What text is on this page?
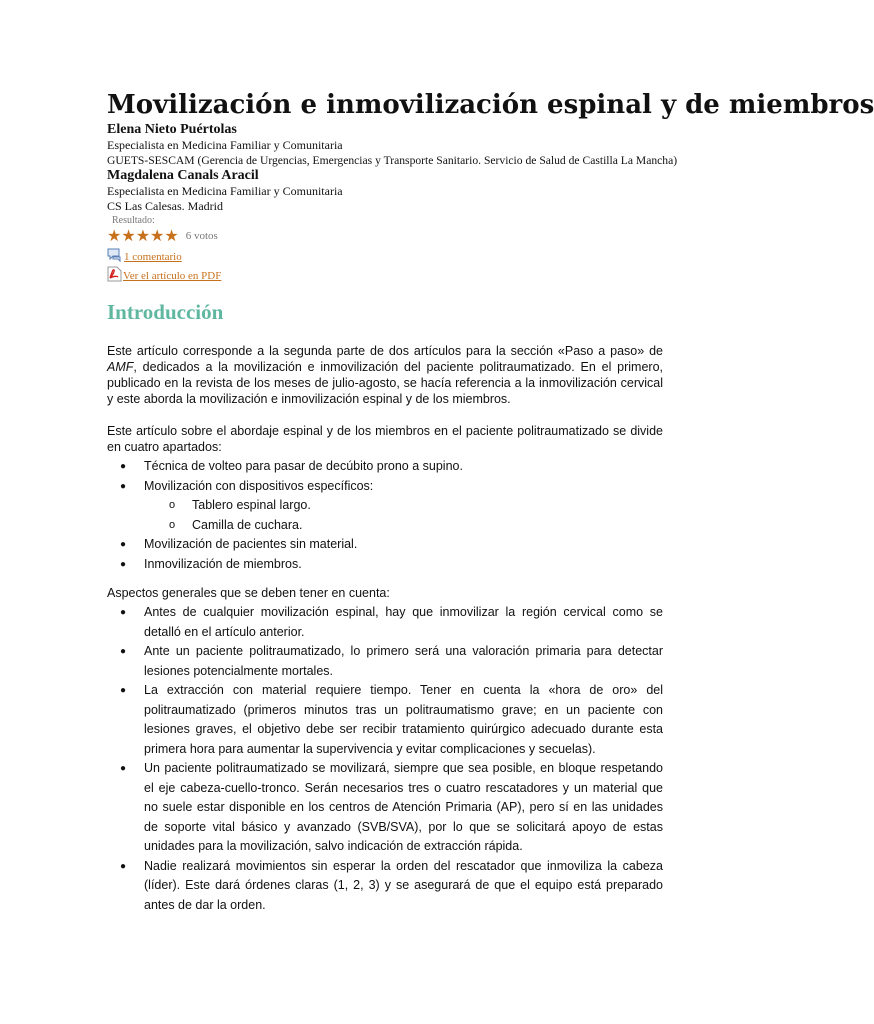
Movilización e inmovilización espinal y de miembros

Elena Nieto Puértolas

Especialista en Medicina Familiar y Comunitaria

GUETS-SESCAM (Gerencia de Urgencias, Emergencias y Transporte Sanitario. Servicio de Salud de Castilla La Mancha)

Magdalena Canals Aracil

Especialista en Medicina Familiar y Comunitaria

CS Las Calesas. Madrid

Resultado:
★ ★ ★ ★ ★ 6 votos
1 comentario
Ver el artículo en PDF
Introducción

Este artículo corresponde a la segunda parte de dos artículos para la sección «Paso a paso» de AMF, dedicados a la movilización e inmovilización del paciente politraumatizado. En el primero, publicado en la revista de los meses de julio-agosto, se hacía referencia a la inmovilización cervical y este aborda la movilización e inmovilización espinal y de los miembros.

Este artículo sobre el abordaje espinal y de los miembros en el paciente politraumatizado se divide en cuatro apartados:

● Técnica de volteo para pasar de decúbito prono a supino.
● Movilización con dispositivos específicos:
o Tablero espinal largo.
o Camilla de cuchara.
● Movilización de pacientes sin material.
● Inmovilización de miembros.

Aspectos generales que se deben tener en cuenta:

● Antes de cualquier movilización espinal, hay que inmovilizar la región cervical como se detalló en el artículo anterior.
● Ante un paciente politraumatizado, lo primero será una valoración primaria para detectar lesiones potencialmente mortales.
● La extracción con material requiere tiempo. Tener en cuenta la «hora de oro» del politraumatizado (primeros minutos tras un politraumatismo grave; en un paciente con lesiones graves, el objetivo debe ser recibir tratamiento quirúrgico adecuado durante esta primera hora para aumentar la supervivencia y evitar complicaciones y secuelas).
● Un paciente politraumatizado se movilizará, siempre que sea posible, en bloque respetando el eje cabeza-cuello-tronco. Serán necesarios tres o cuatro rescatadores y un material que no suele estar disponible en los centros de Atención Primaria (AP), pero sí en las unidades de soporte vital básico y avanzado (SVB/SVA), por lo que se solicitará apoyo de estas unidades para la movilización, salvo indicación de extracción rápida.
● Nadie realizará movimientos sin esperar la orden del rescatador que inmoviliza la cabeza (líder). Este dará órdenes claras (1, 2, 3) y se asegurará de que el equipo está preparado antes de dar la orden.
